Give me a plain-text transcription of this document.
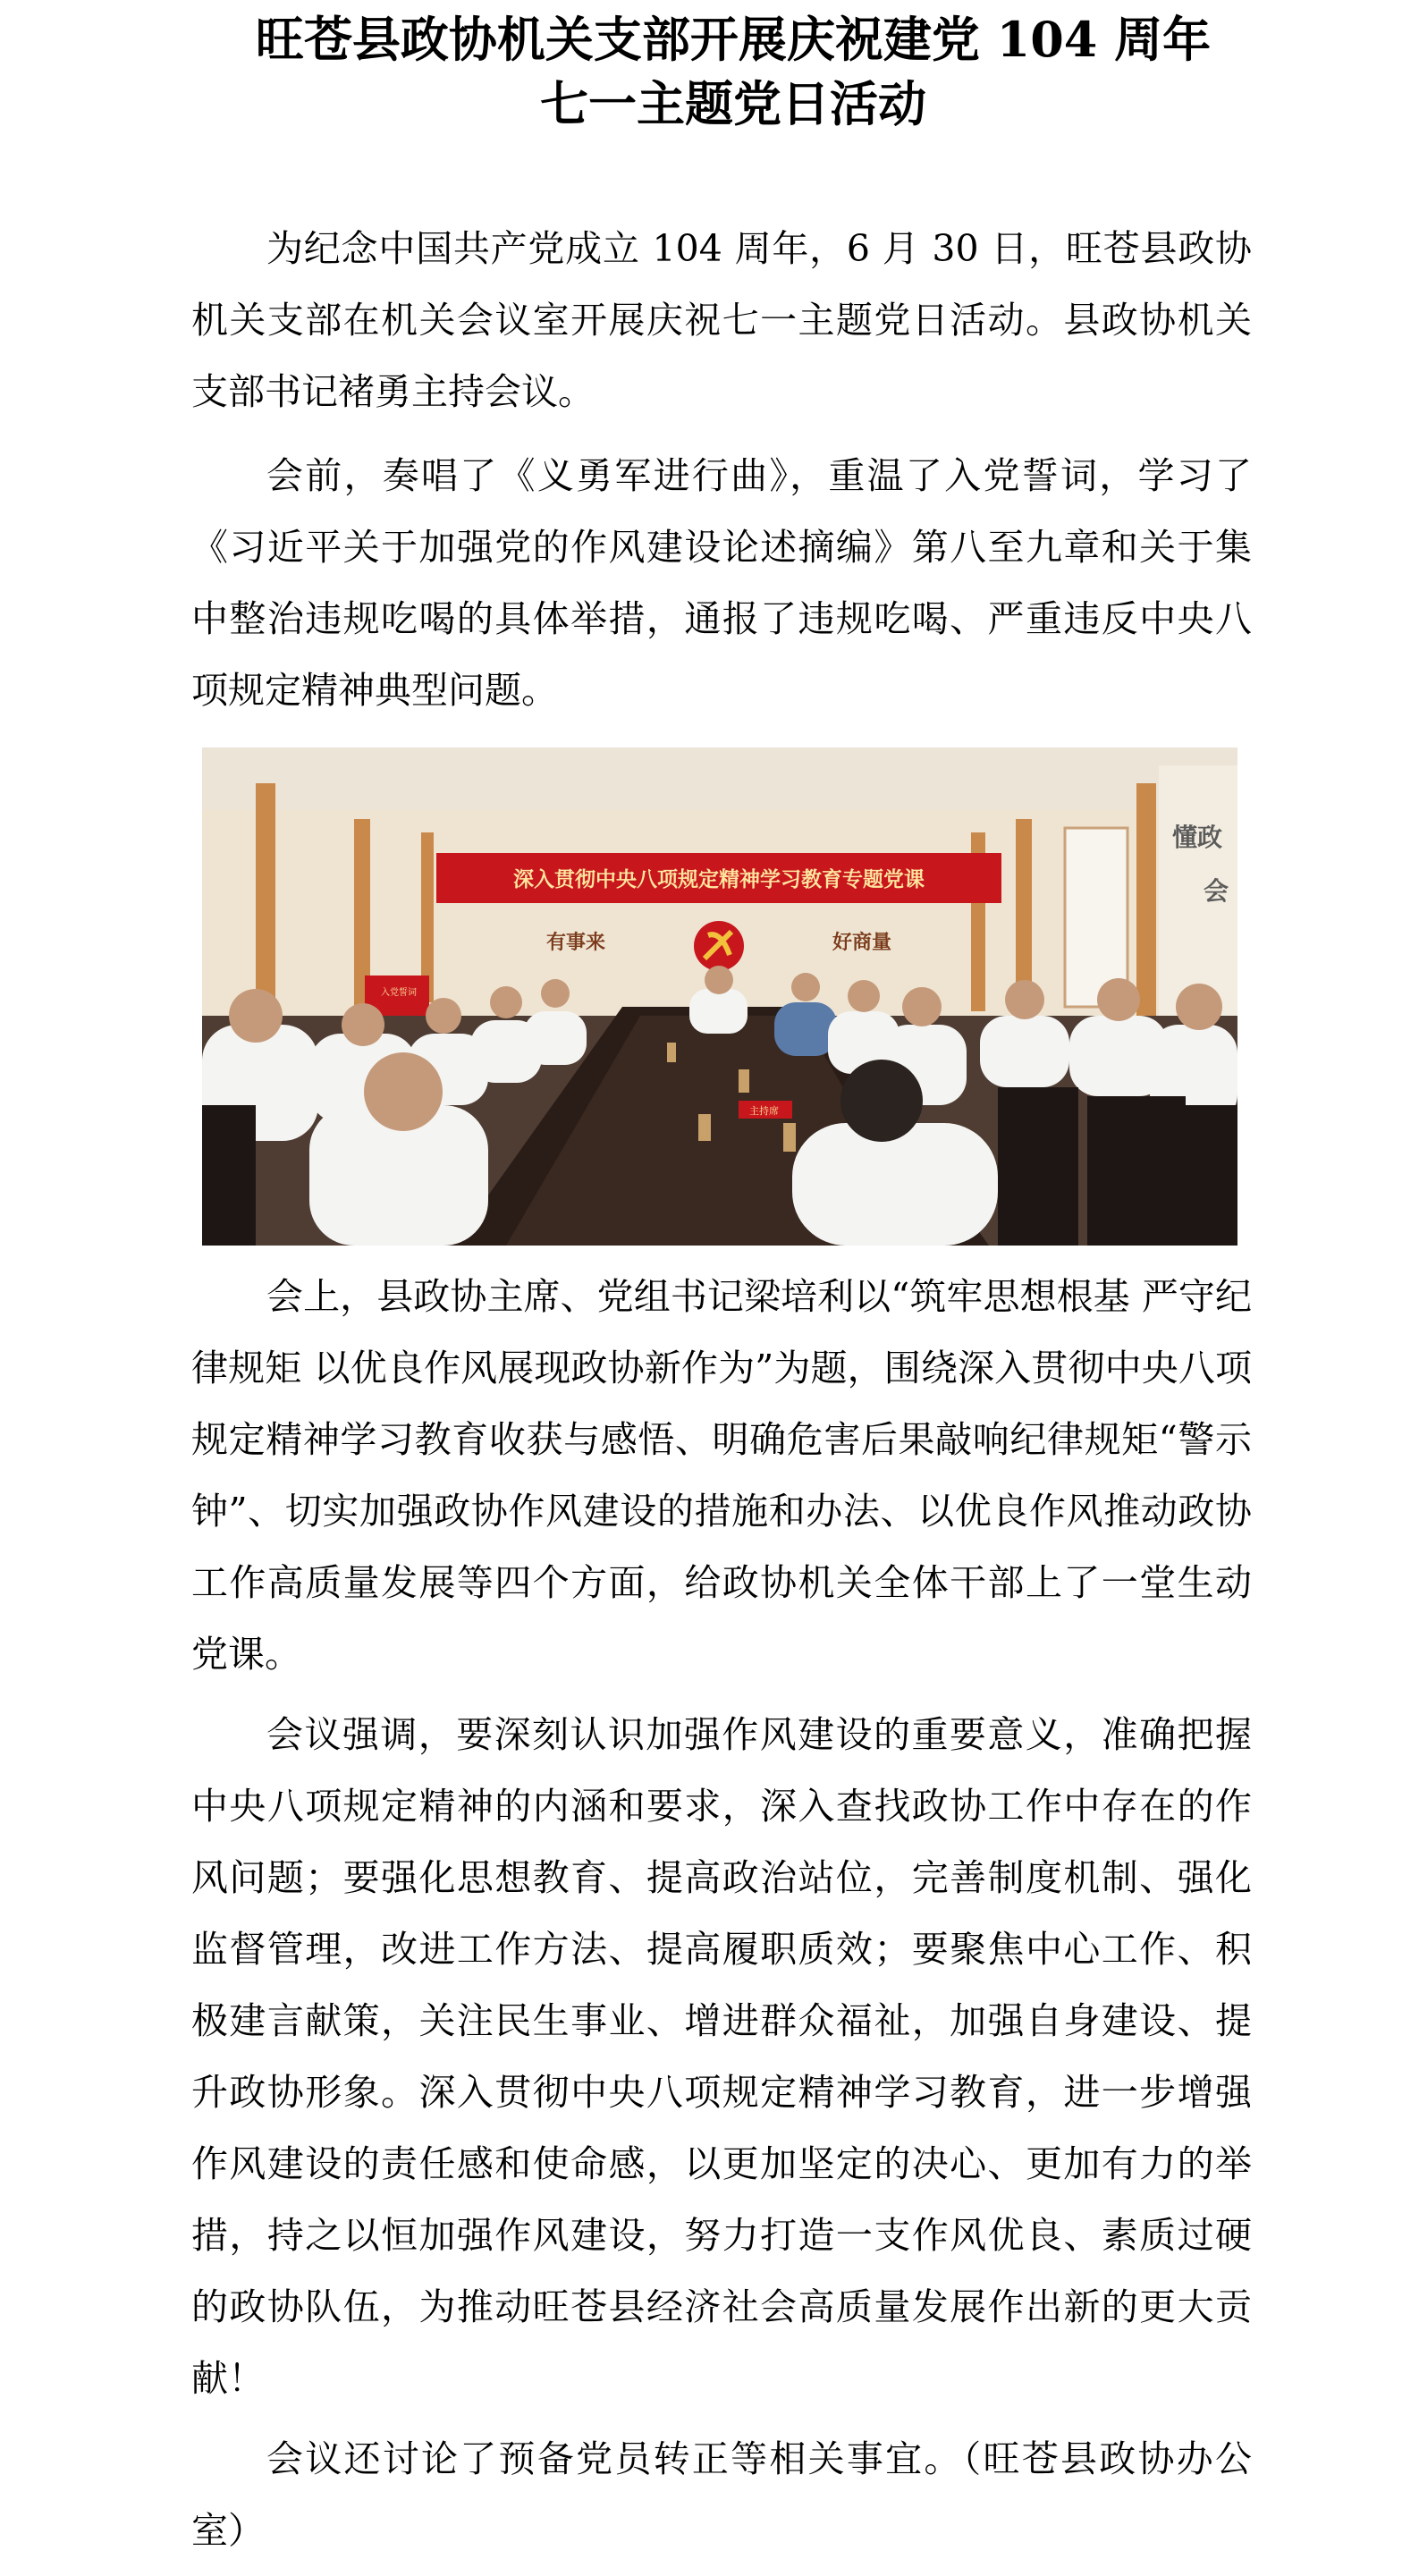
旺苍县政协机关支部开展庆祝建党 104 周年
七一主题党日活动

为纪念中国共产党成立 104 周年，6 月 30 日，旺苍县政协机关支部在机关会议室开展庆祝七一主题党日活动。县政协机关支部书记褚勇主持会议。

会前，奏唱了《义勇军进行曲》，重温了入党誓词，学习了《习近平关于加强党的作风建设论述摘编》第八至九章和关于集中整治违规吃喝的具体举措，通报了违规吃喝、严重违反中央八项规定精神典型问题。

懂政
会
深入贯彻中央八项规定精神学习教育专题党课
有事来	好商量
入党誓词
主持席

会上，县政协主席、党组书记梁培利以“筑牢思想根基 严守纪律规矩 以优良作风展现政协新作为”为题，围绕深入贯彻中央八项规定精神学习教育收获与感悟、明确危害后果敲响纪律规矩“警示钟”、切实加强政协作风建设的措施和办法、以优良作风推动政协工作高质量发展等四个方面，给政协机关全体干部上了一堂生动党课。

会议强调，要深刻认识加强作风建设的重要意义，准确把握中央八项规定精神的内涵和要求，深入查找政协工作中存在的作风问题；要强化思想教育、提高政治站位，完善制度机制、强化监督管理，改进工作方法、提高履职质效；要聚焦中心工作、积极建言献策，关注民生事业、增进群众福祉，加强自身建设、提升政协形象。深入贯彻中央八项规定精神学习教育，进一步增强作风建设的责任感和使命感，以更加坚定的决心、更加有力的举措，持之以恒加强作风建设，努力打造一支作风优良、素质过硬的政协队伍，为推动旺苍县经济社会高质量发展作出新的更大贡献！

会议还讨论了预备党员转正等相关事宜。（旺苍县政协办公室）
